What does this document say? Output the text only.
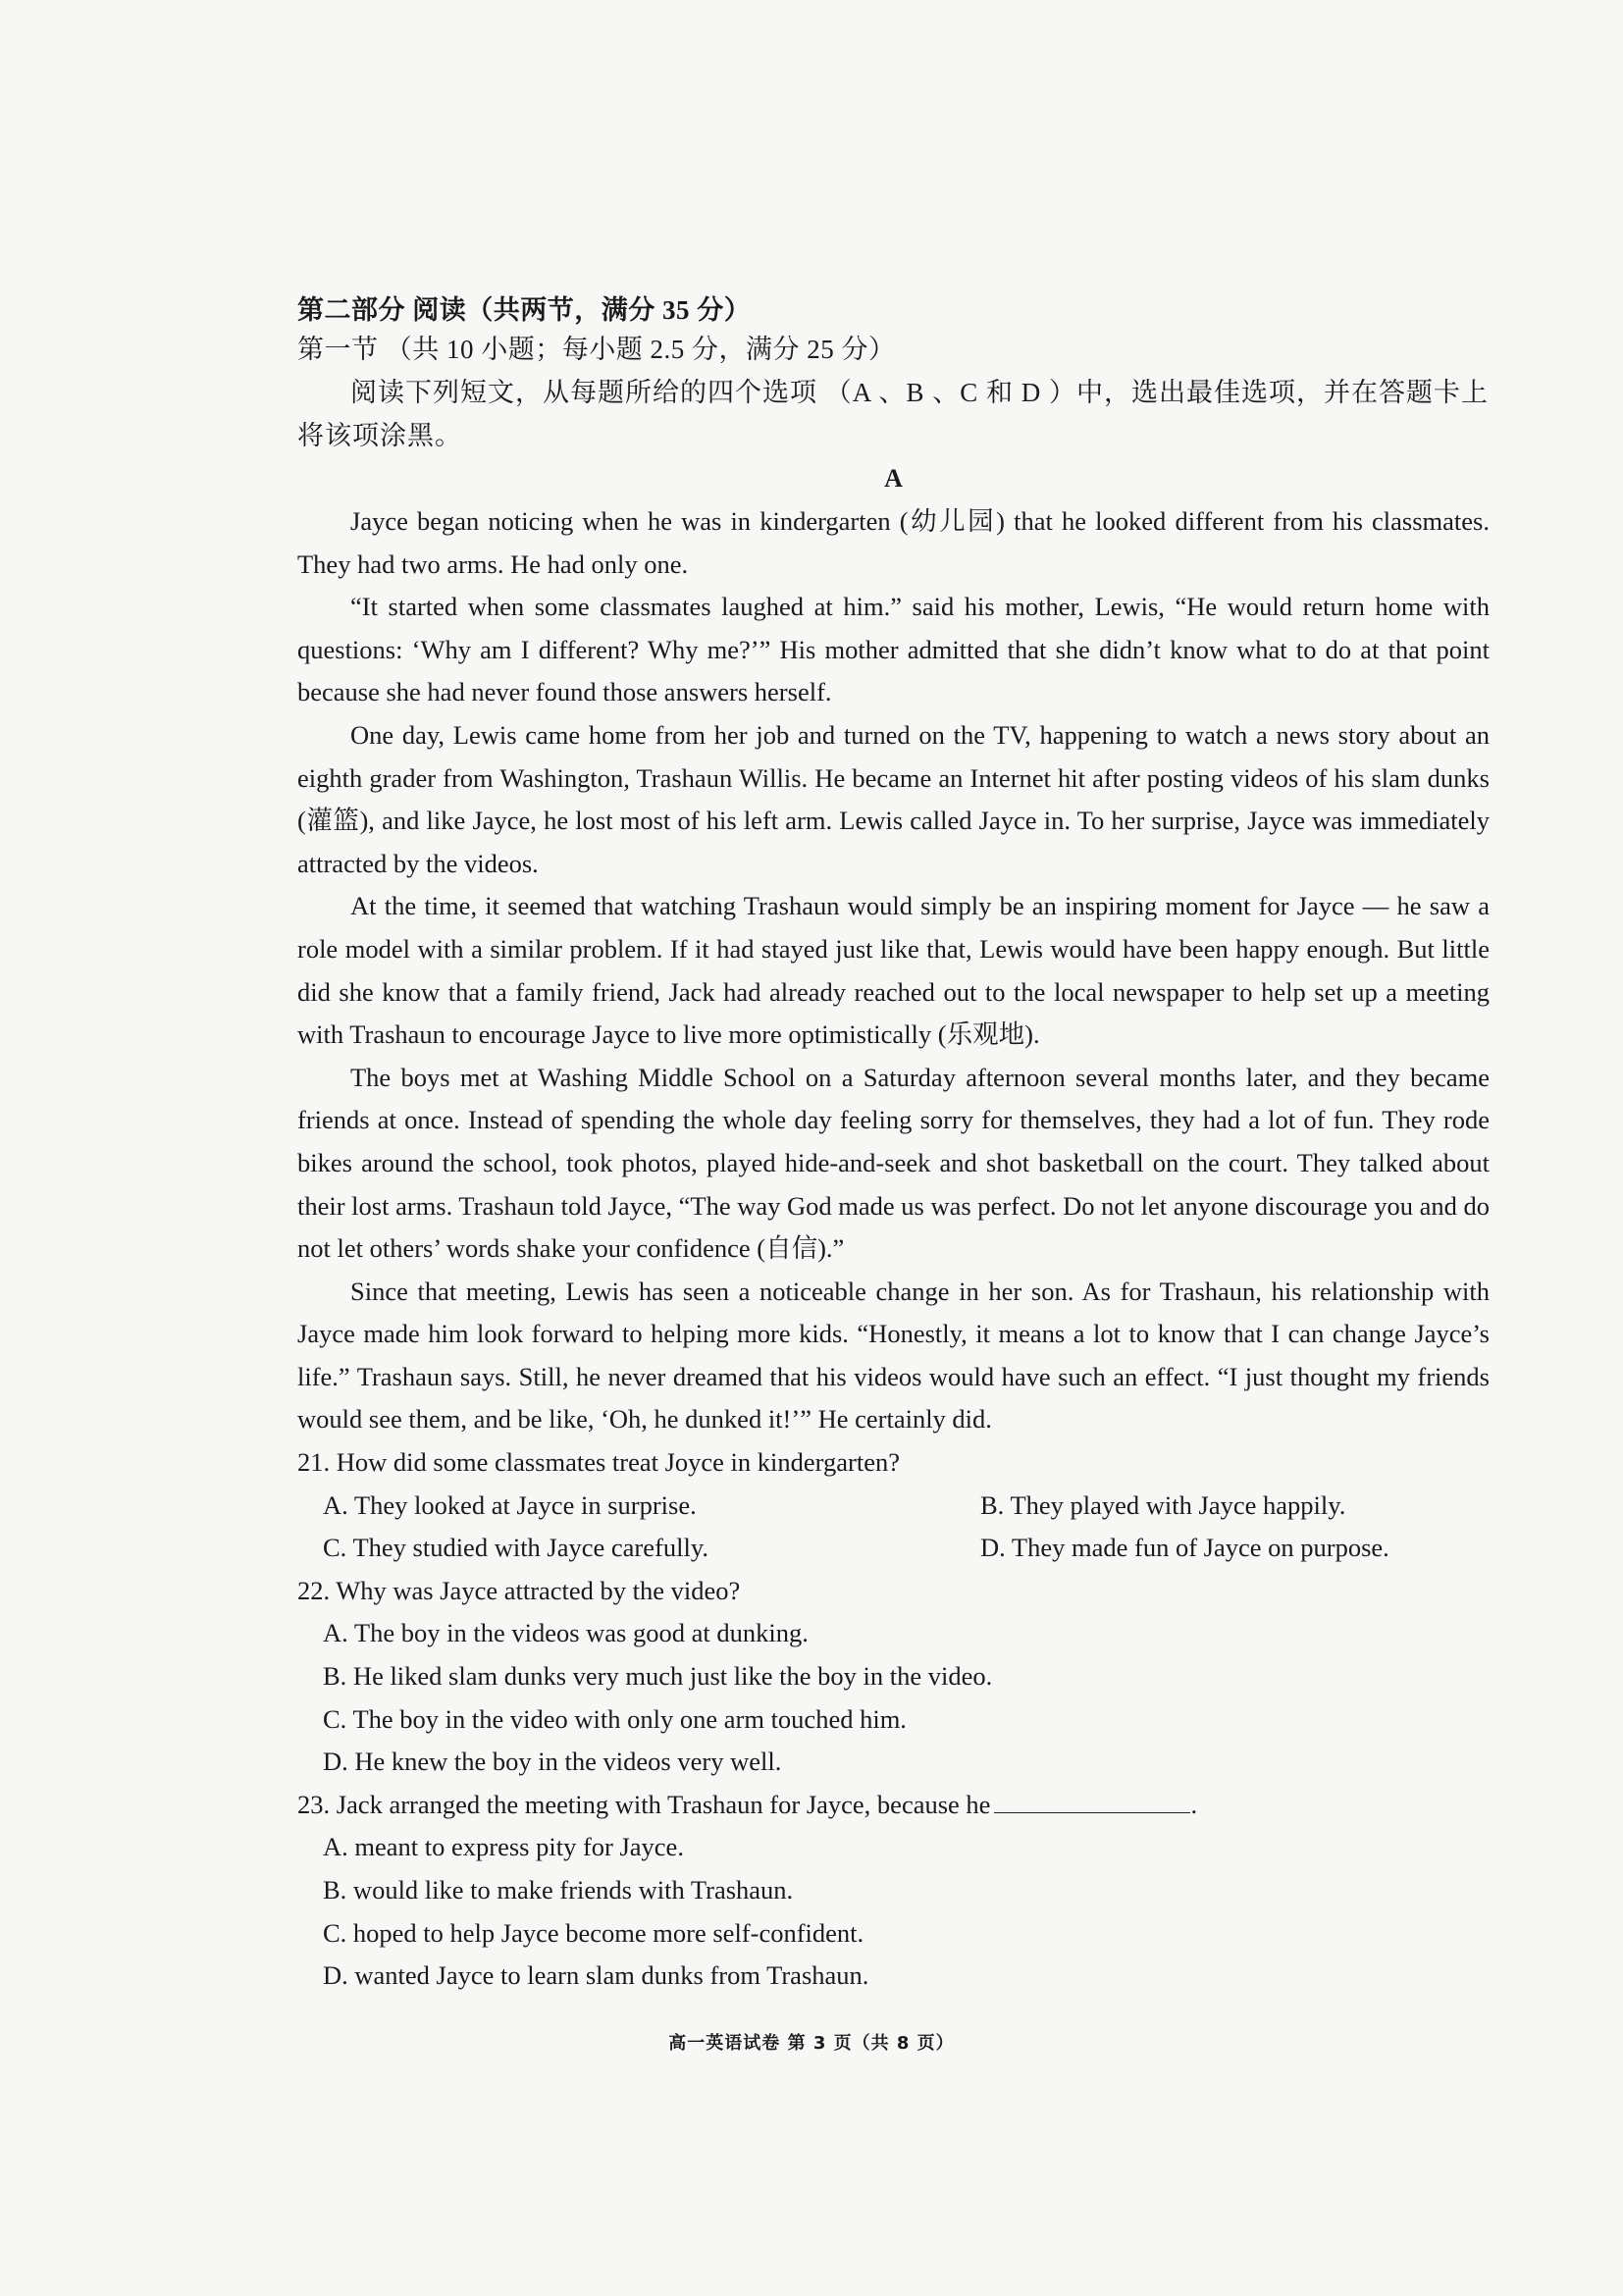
第二部分 阅读（共两节，满分 35 分）
第一节 （共 10 小题；每小题 2.5 分，满分 25 分）
阅读下列短文，从每题所给的四个选项 （A 、B 、C 和 D ）中，选出最佳选项，并在答题卡上将该项涂黑。
A

Jayce began noticing when he was in kindergarten (幼儿园) that he looked different from his classmates. They had two arms. He had only one.

“It started when some classmates laughed at him.” said his mother, Lewis, “He would return home with questions: ‘Why am I different? Why me?’” His mother admitted that she didn’t know what to do at that point because she had never found those answers herself.

One day, Lewis came home from her job and turned on the TV, happening to watch a news story about an eighth grader from Washington, Trashaun Willis. He became an Internet hit after posting videos of his slam dunks (灌篮), and like Jayce, he lost most of his left arm. Lewis called Jayce in. To her surprise, Jayce was immediately attracted by the videos.

At the time, it seemed that watching Trashaun would simply be an inspiring moment for Jayce — he saw a role model with a similar problem. If it had stayed just like that, Lewis would have been happy enough. But little did she know that a family friend, Jack had already reached out to the local newspaper to help set up a meeting with Trashaun to encourage Jayce to live more optimistically (乐观地).

The boys met at Washing Middle School on a Saturday afternoon several months later, and they became friends at once. Instead of spending the whole day feeling sorry for themselves, they had a lot of fun. They rode bikes around the school, took photos, played hide-and-seek and shot basketball on the court. They talked about their lost arms. Trashaun told Jayce, “The way God made us was perfect. Do not let anyone discourage you and do not let others’ words shake your confidence (自信).”

Since that meeting, Lewis has seen a noticeable change in her son. As for Trashaun, his relationship with Jayce made him look forward to helping more kids. “Honestly, it means a lot to know that I can change Jayce’s life.” Trashaun says. Still, he never dreamed that his videos would have such an effect. “I just thought my friends would see them, and be like, ‘Oh, he dunked it!’” He certainly did.

21. How did some classmates treat Joyce in kindergarten?
A. They looked at Jayce in surprise.	B. They played with Jayce happily.
C. They studied with Jayce carefully.	D. They made fun of Jayce on purpose.
22. Why was Jayce attracted by the video?
A. The boy in the videos was good at dunking.
B. He liked slam dunks very much just like the boy in the video.
C. The boy in the video with only one arm touched him.
D. He knew the boy in the videos very well.
23. Jack arranged the meeting with Trashaun for Jayce, because he	.
A. meant to express pity for Jayce.
B. would like to make friends with Trashaun.
C. hoped to help Jayce become more self-confident.
D. wanted Jayce to learn slam dunks from Trashaun.
高一英语试卷 第 3 页（共 8 页）
